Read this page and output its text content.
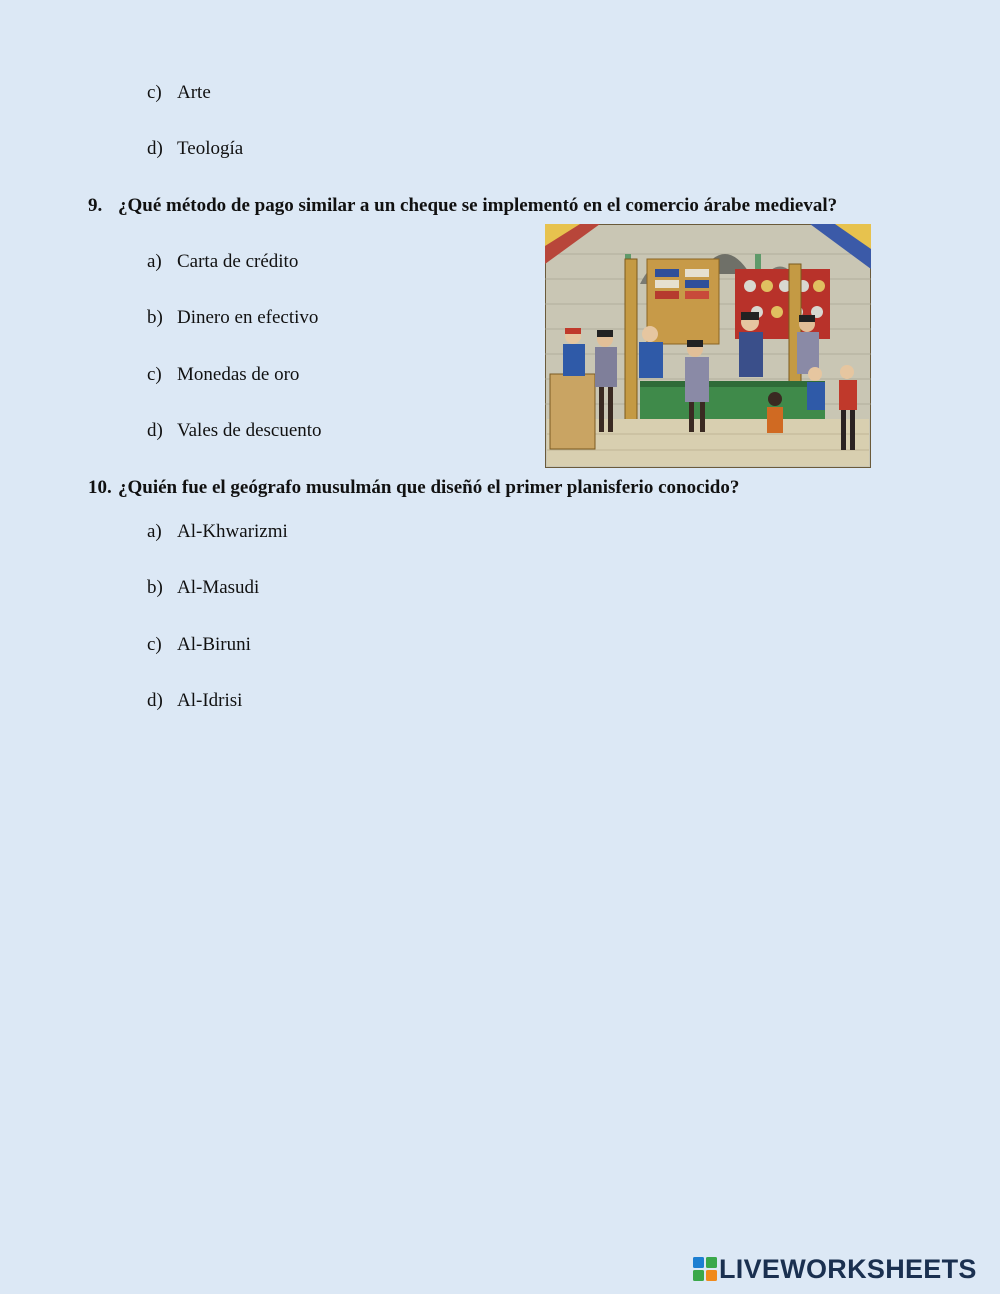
c) Arte
d) Teología
9. ¿Qué método de pago similar a un cheque se implementó en el comercio árabe medieval?
a) Carta de crédito
b) Dinero en efectivo
c) Monedas de oro
d) Vales de descuento
10. ¿Quién fue el geógrafo musulmán que diseñó el primer planisferio conocido?
a) Al-Khwarizmi
b) Al-Masudi
c) Al-Biruni
d) Al-Idrisi
LIVEWORKSHEETS
